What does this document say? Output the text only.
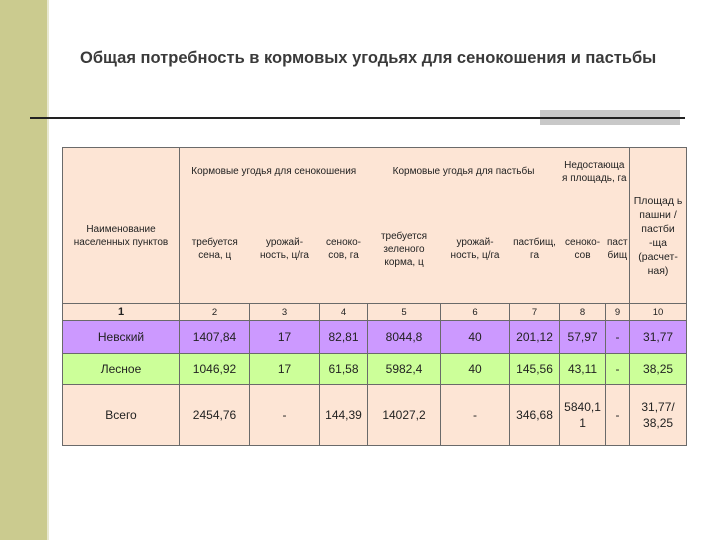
Общая потребность в кормовых угодьях для сенокошения и пастьбы
Наименование населенных пунктов	Кормовые угодья для сенокошения			Кормовые угодья для пастьбы			Недостающа я площадь, га		Площад ь пашни / пастби -ща (расчет- ная)
	требуется сена, ц	урожай- ность, ц/га	сеноко- сов, га	требуется зеленого корма, ц	урожай- ность, ц/га	пастбищ, га	сеноко- сов	паст бищ	
1	2	3	4	5	6	7	8	9	10
Невский	1407,84	17	82,81	8044,8	40	201,12	57,97	-	31,77
Лесное	1046,92	17	61,58	5982,4	40	145,56	43,11	-	38,25
Всего	2454,76	-	144,39	14027,2	-	346,68	5840,1 1	-	31,77/ 38,25
